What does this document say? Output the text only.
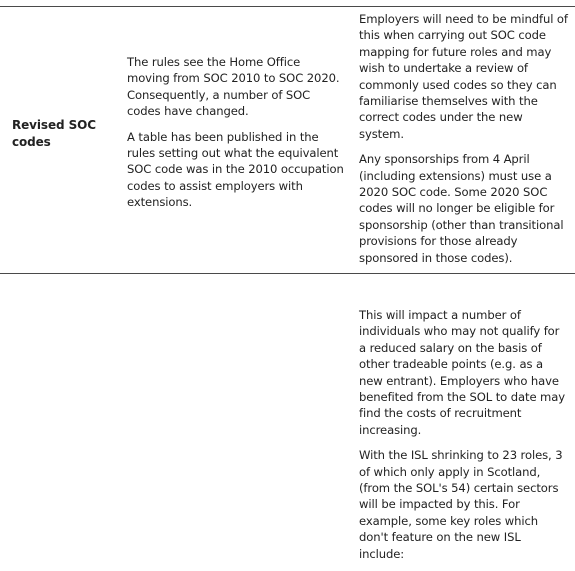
Revised SOC codes

The rules see the Home Office moving from SOC 2010 to SOC 2020. Consequently, a number of SOC codes have changed.

A table has been published in the rules setting out what the equivalent SOC code was in the 2010 occupation codes to assist employers with extensions.

Employers will need to be mindful of this when carrying out SOC code mapping for future roles and may wish to undertake a review of commonly used codes so they can familiarise themselves with the correct codes under the new system.

Any sponsorships from 4 April (including extensions) must use a 2020 SOC code. Some 2020 SOC codes will no longer be eligible for sponsorship (other than transitional provisions for those already sponsored in those codes).

This will impact a number of individuals who may not qualify for a reduced salary on the basis of other tradeable points (e.g. as a new entrant). Employers who have benefited from the SOL to date may find the costs of recruitment increasing.

With the ISL shrinking to 23 roles, 3 of which only apply in Scotland, (from the SOL's 54) certain sectors will be impacted by this. For example, some key roles which don't feature on the new ISL include:
